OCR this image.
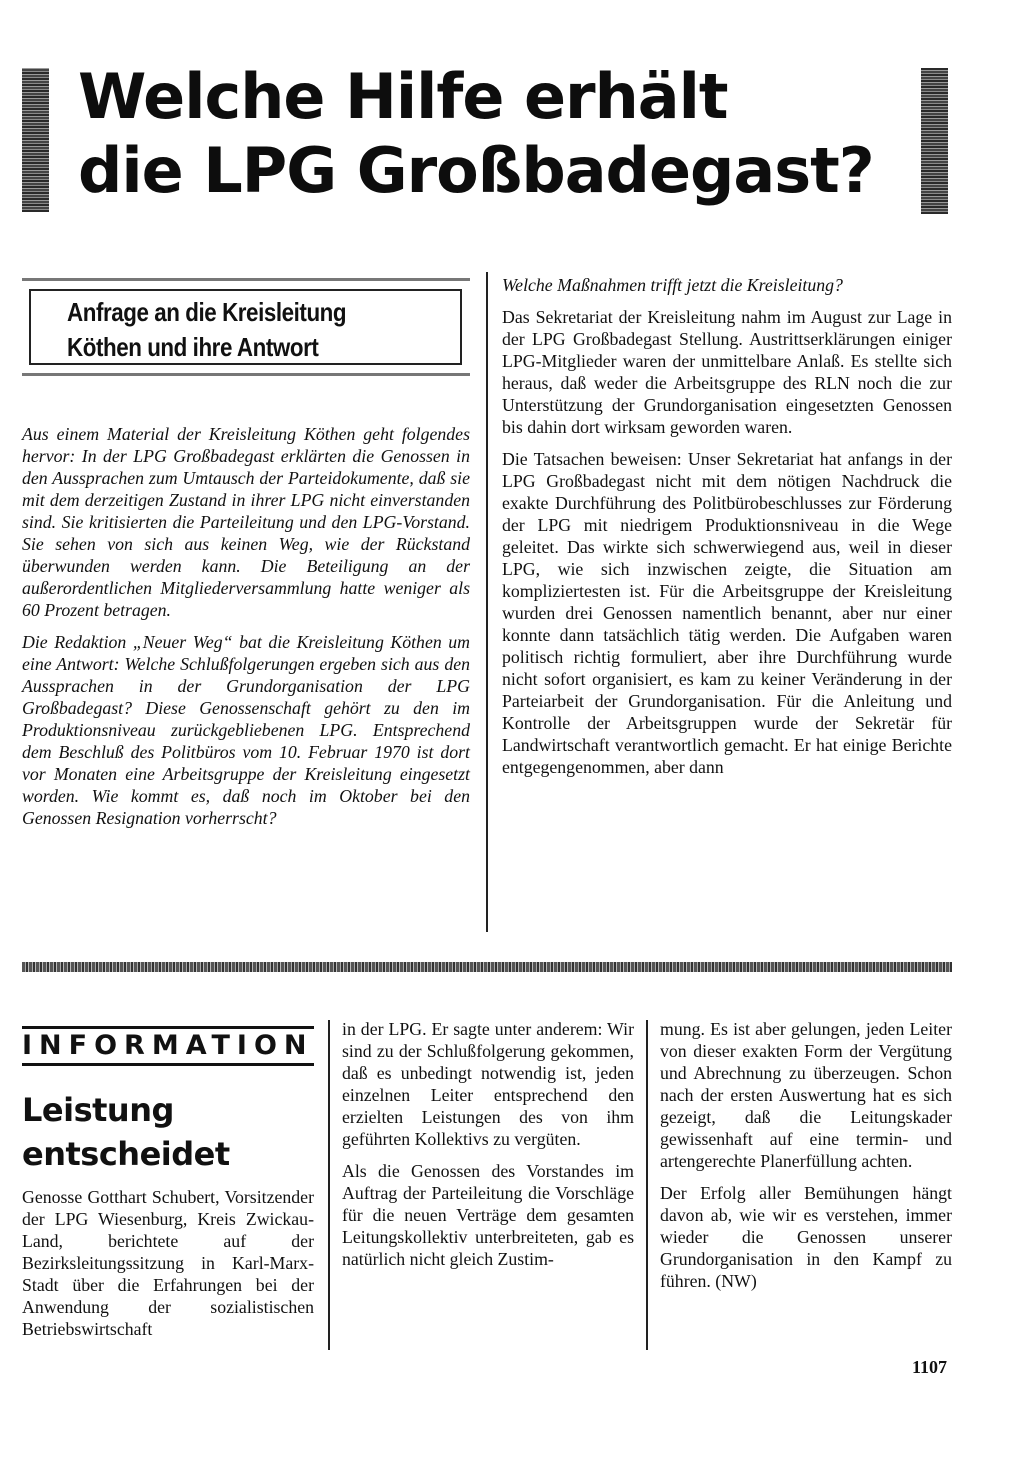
Welche Hilfe erhält
die LPG Großbadegast?
Anfrage an die Kreisleitung
Köthen und ihre Antwort

Aus einem Material der Kreisleitung Köthen geht folgendes hervor: In der LPG Großbadegast erklärten die Genossen in den Aussprachen zum Umtausch der Parteidokumente, daß sie mit dem derzeitigen Zustand in ihrer LPG nicht einverstanden sind. Sie kritisierten die Parteileitung und den LPG-Vorstand. Sie sehen von sich aus keinen Weg, wie der Rückstand überwunden werden kann. Die Beteiligung an der außerordentlichen Mitgliederversammlung hatte weniger als 60 Prozent betragen.

Die Redaktion „Neuer Weg“ bat die Kreisleitung Köthen um eine Antwort: Welche Schlußfolgerungen ergeben sich aus den Aussprachen in der Grundorganisation der LPG Großbadegast? Diese Genossenschaft gehört zu den im Produktionsniveau zurückgebliebenen LPG. Entsprechend dem Beschluß des Politbüros vom 10. Februar 1970 ist dort vor Monaten eine Arbeitsgruppe der Kreisleitung eingesetzt worden. Wie kommt es, daß noch im Oktober bei den Genossen Resignation vorherrscht?

Welche Maßnahmen trifft jetzt die Kreisleitung?

Das Sekretariat der Kreisleitung nahm im August zur Lage in der LPG Großbadegast Stellung. Austrittserklärungen einiger LPG-Mitglieder waren der unmittelbare Anlaß. Es stellte sich heraus, daß weder die Arbeitsgruppe des RLN noch die zur Unterstützung der Grundorganisation eingesetzten Genossen bis dahin dort wirksam geworden waren.

Die Tatsachen beweisen: Unser Sekretariat hat anfangs in der LPG Großbadegast nicht mit dem nötigen Nachdruck die exakte Durchführung des Politbürobeschlusses zur Förderung der LPG mit niedrigem Produktionsniveau in die Wege geleitet. Das wirkte sich schwerwiegend aus, weil in dieser LPG, wie sich inzwischen zeigte, die Situation am kompliziertesten ist. Für die Arbeitsgruppe der Kreisleitung wurden drei Genossen namentlich benannt, aber nur einer konnte dann tatsächlich tätig werden. Die Aufgaben waren politisch richtig formuliert, aber ihre Durchführung wurde nicht sofort organisiert, es kam zu keiner Veränderung in der Parteiarbeit der Grundorganisation. Für die Anleitung und Kontrolle der Arbeitsgruppen wurde der Sekretär für Landwirtschaft verantwortlich gemacht. Er hat einige Berichte entgegengenommen, aber dann

INFORMATION
Leistung
entscheidet

Genosse Gotthart Schubert, Vorsitzender der LPG Wiesenburg, Kreis Zwickau-Land, berichtete auf der Bezirksleitungssitzung in Karl-Marx-Stadt über die Erfahrungen bei der Anwendung der sozialistischen Betriebswirtschaft

in der LPG. Er sagte unter anderem: Wir sind zu der Schlußfolgerung gekommen, daß es unbedingt notwendig ist, jeden einzelnen Leiter entsprechend den erzielten Leistungen des von ihm geführten Kollektivs zu vergüten.

Als die Genossen des Vorstandes im Auftrag der Parteileitung die Vorschläge für die neuen Verträge dem gesamten Leitungskollektiv unterbreiteten, gab es natürlich nicht gleich Zustim-

mung. Es ist aber gelungen, jeden Leiter von dieser exakten Form der Vergütung und Abrechnung zu überzeugen. Schon nach der ersten Auswertung hat es sich gezeigt, daß die Leitungskader gewissenhaft auf eine termin- und artengerechte Planerfüllung achten.

Der Erfolg aller Bemühungen hängt davon ab, wie wir es verstehen, immer wieder die Genossen unserer Grundorganisation in den Kampf zu führen. (NW)

1107
